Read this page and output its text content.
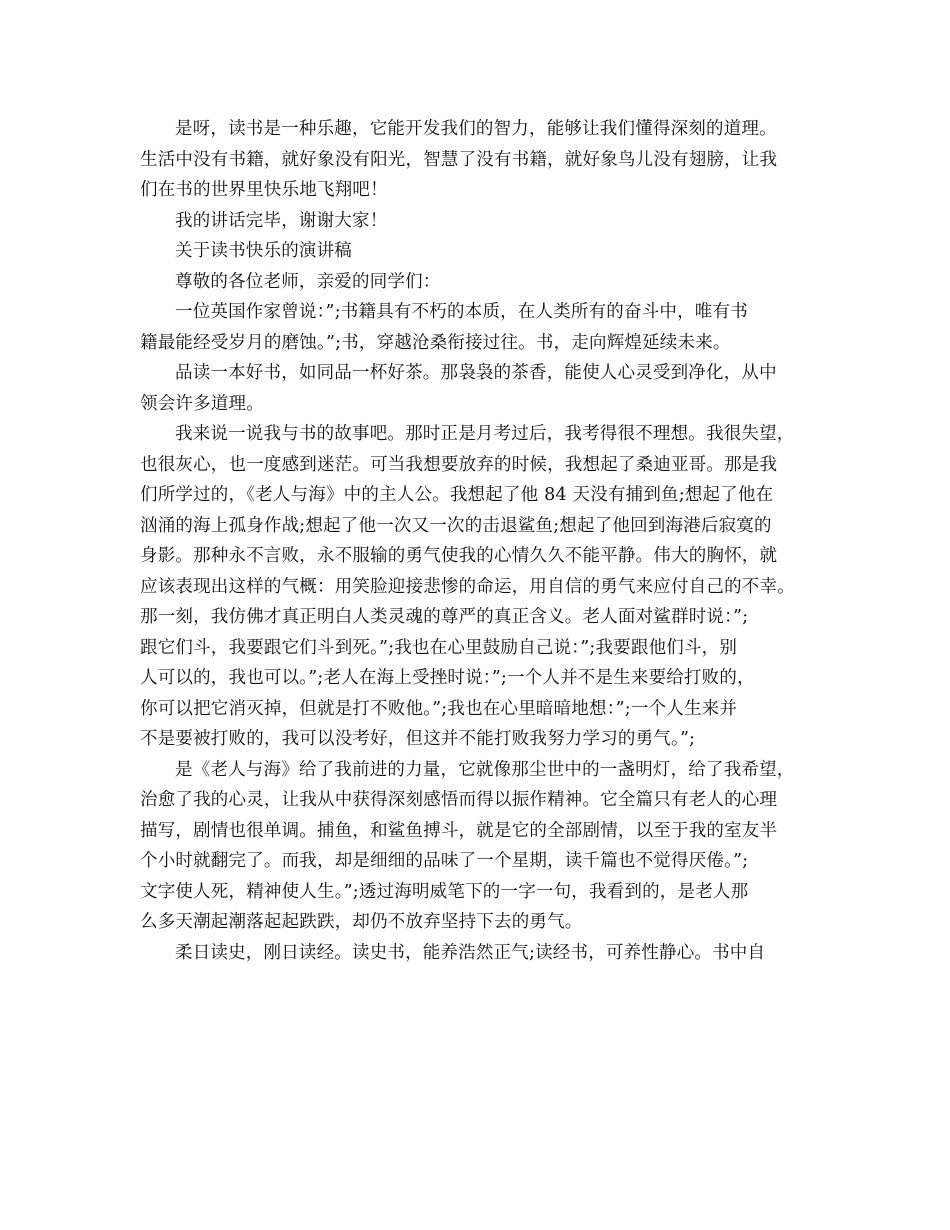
是呀，读书是一种乐趣，它能开发我们的智力，能够让我们懂得深刻的道理。
生活中没有书籍，就好象没有阳光，智慧了没有书籍，就好象鸟儿没有翅膀，让我
们在书的世界里快乐地飞翔吧！
我的讲话完毕，谢谢大家！
关于读书快乐的演讲稿
尊敬的各位老师，亲爱的同学们：
一位英国作家曾说：”;书籍具有不朽的本质，在人类所有的奋斗中，唯有书
籍最能经受岁月的磨蚀。”;书，穿越沧桑衔接过往。书，走向辉煌延续未来。
品读一本好书，如同品一杯好茶。那袅袅的茶香，能使人心灵受到净化，从中
领会许多道理。
我来说一说我与书的故事吧。那时正是月考过后，我考得很不理想。我很失望，
也很灰心，也一度感到迷茫。可当我想要放弃的时候，我想起了桑迪亚哥。那是我
们所学过的，《老人与海》中的主人公。我想起了他 84 天没有捕到鱼;想起了他在
汹涌的海上孤身作战;想起了他一次又一次的击退鲨鱼;想起了他回到海港后寂寞的
身影。那种永不言败，永不服输的勇气使我的心情久久不能平静。伟大的胸怀，就
应该表现出这样的气概：用笑脸迎接悲惨的命运，用自信的勇气来应付自己的不幸。
那一刻，我仿佛才真正明白人类灵魂的尊严的真正含义。老人面对鲨群时说：”;
跟它们斗，我要跟它们斗到死。”;我也在心里鼓励自己说：”;我要跟他们斗，别
人可以的，我也可以。”;老人在海上受挫时说：”;一个人并不是生来要给打败的，
你可以把它消灭掉，但就是打不败他。”;我也在心里暗暗地想：”;一个人生来并
不是要被打败的，我可以没考好，但这并不能打败我努力学习的勇气。”;
是《老人与海》给了我前进的力量，它就像那尘世中的一盏明灯，给了我希望，
治愈了我的心灵，让我从中获得深刻感悟而得以振作精神。它全篇只有老人的心理
描写，剧情也很单调。捕鱼，和鲨鱼搏斗，就是它的全部剧情，以至于我的室友半
个小时就翻完了。而我，却是细细的品味了一个星期，读千篇也不觉得厌倦。”;
文字使人死，精神使人生。”;透过海明威笔下的一字一句，我看到的，是老人那
么多天潮起潮落起起跌跌，却仍不放弃坚持下去的勇气。
柔日读史，刚日读经。读史书，能养浩然正气;读经书，可养性静心。书中自
